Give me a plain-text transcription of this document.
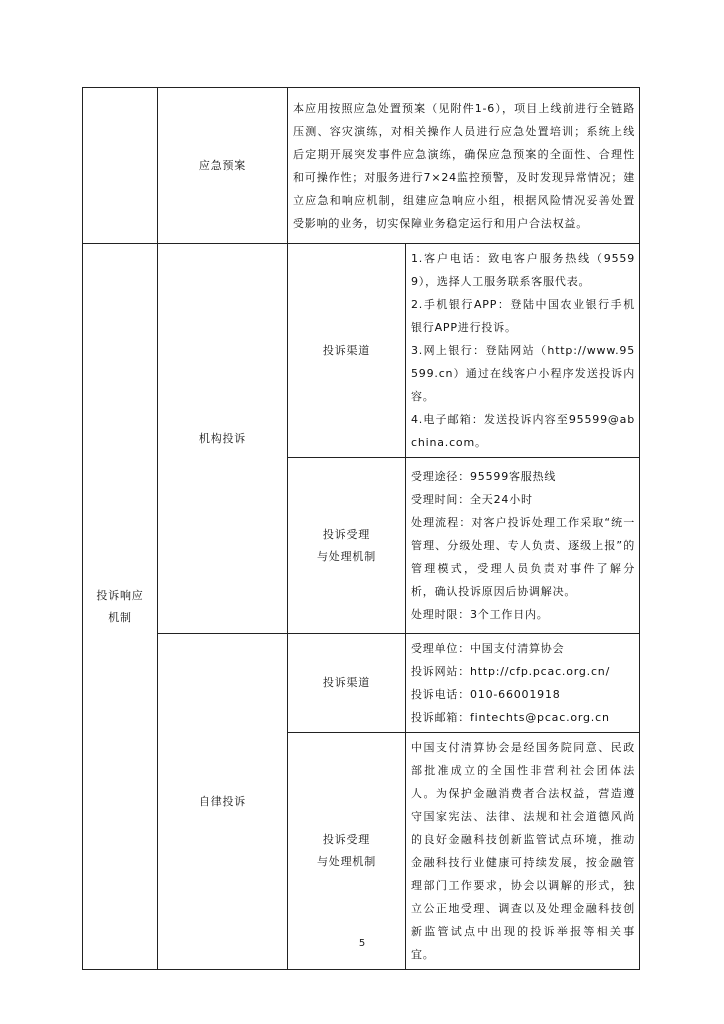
	应急预案	本应用按照应急处置预案（见附件1-6），项目上线前进行全链路压测、容灾演练，对相关操作人员进行应急处置培训；系统上线后定期开展突发事件应急演练，确保应急预案的全面性、合理性和可操作性；对服务进行7×24监控预警，及时发现异常情况；建立应急和响应机制，组建应急响应小组，根据风险情况妥善处置受影响的业务，切实保障业务稳定运行和用户合法权益。	

投诉响应
机制	机构投诉	投诉渠道	1.客户电话：致电客户服务热线（95599），选择人工服务联系客服代表。
2.手机银行APP：登陆中国农业银行手机银行APP进行投诉。
3.网上银行：登陆网站（http://www.95599.cn）通过在线客户小程序发送投诉内容。
4.电子邮箱：发送投诉内容至95599@abchina.com。

		投诉受理
与处理机制	受理途径：95599客服热线
受理时间：全天24小时
处理流程：对客户投诉处理工作采取“统一管理、分级处理、专人负责、逐级上报”的管理模式，受理人员负责对事件了解分析，确认投诉原因后协调解决。
处理时限：3个工作日内。

	自律投诉	投诉渠道	受理单位：中国支付清算协会
投诉网站：http://cfp.pcac.org.cn/
投诉电话：010-66001918
投诉邮箱：fintechts@pcac.org.cn

		投诉受理
与处理机制	中国支付清算协会是经国务院同意、民政部批准成立的全国性非营利社会团体法人。为保护金融消费者合法权益，营造遵守国家宪法、法律、法规和社会道德风尚的良好金融科技创新监管试点环境，推动金融科技行业健康可持续发展，按金融管理部门工作要求，协会以调解的形式，独立公正地受理、调查以及处理金融科技创新监管试点中出现的投诉举报等相关事宜。
5
